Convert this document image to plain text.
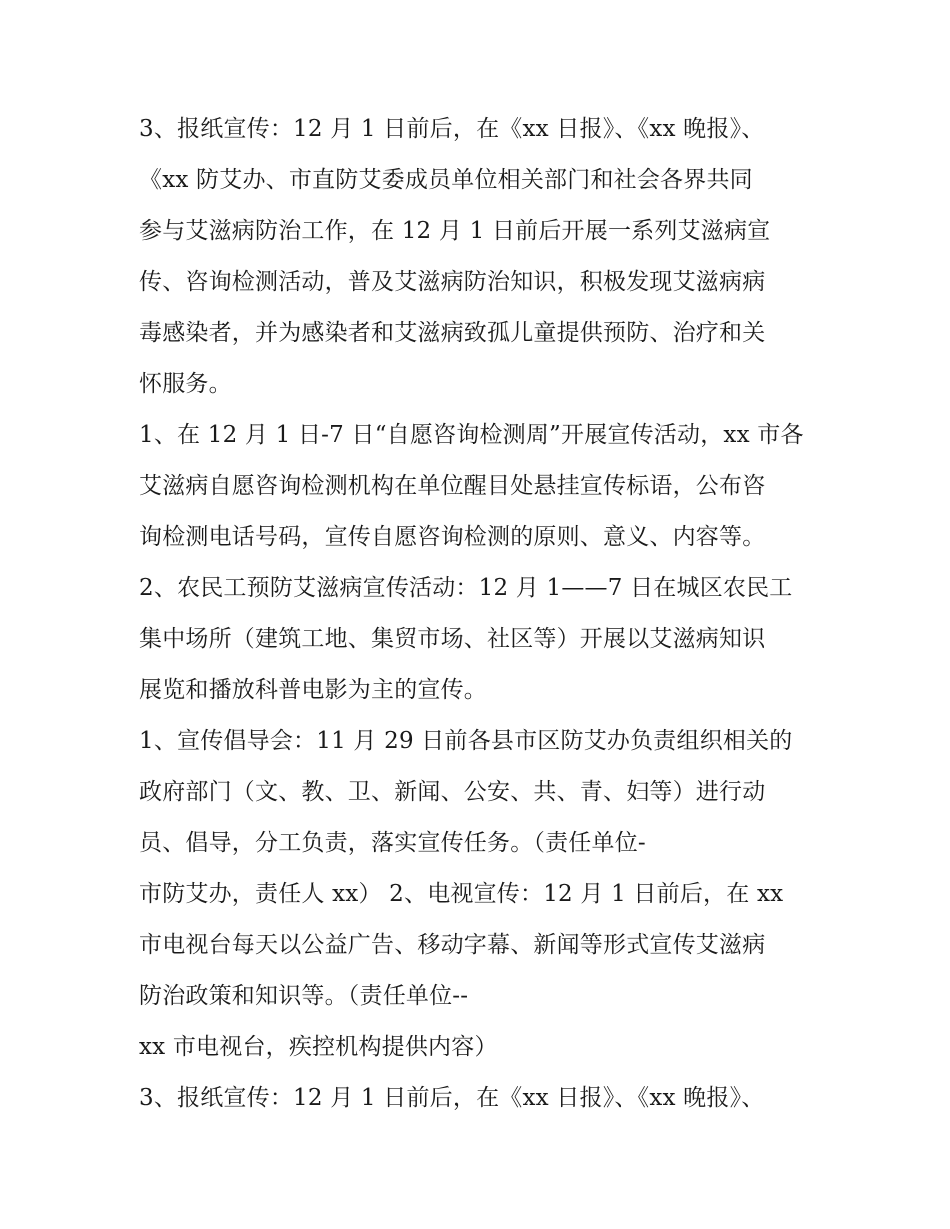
3、报纸宣传：12 月 1 日前后，在《xx 日报》、《xx 晚报》、
《xx 防艾办、市直防艾委成员单位相关部门和社会各界共同
参与艾滋病防治工作，在 12 月 1 日前后开展一系列艾滋病宣
传、咨询检测活动，普及艾滋病防治知识，积极发现艾滋病病
毒感染者，并为感染者和艾滋病致孤儿童提供预防、治疗和关
怀服务。
1、在 12 月 1 日-7 日“自愿咨询检测周”开展宣传活动，xx 市各
艾滋病自愿咨询检测机构在单位醒目处悬挂宣传标语，公布咨
询检测电话号码，宣传自愿咨询检测的原则、意义、内容等。
2、农民工预防艾滋病宣传活动：12 月 1——7 日在城区农民工
集中场所（建筑工地、集贸市场、社区等）开展以艾滋病知识
展览和播放科普电影为主的宣传。
1、宣传倡导会：11 月 29 日前各县市区防艾办负责组织相关的
政府部门（文、教、卫、新闻、公安、共、青、妇等）进行动
员、倡导，分工负责，落实宣传任务。（责任单位-
市防艾办，责任人 xx） 2、电视宣传：12 月 1 日前后，在 xx
市电视台每天以公益广告、移动字幕、新闻等形式宣传艾滋病
防治政策和知识等。（责任单位--
xx 市电视台，疾控机构提供内容）
3、报纸宣传：12 月 1 日前后，在《xx 日报》、《xx 晚报》、
